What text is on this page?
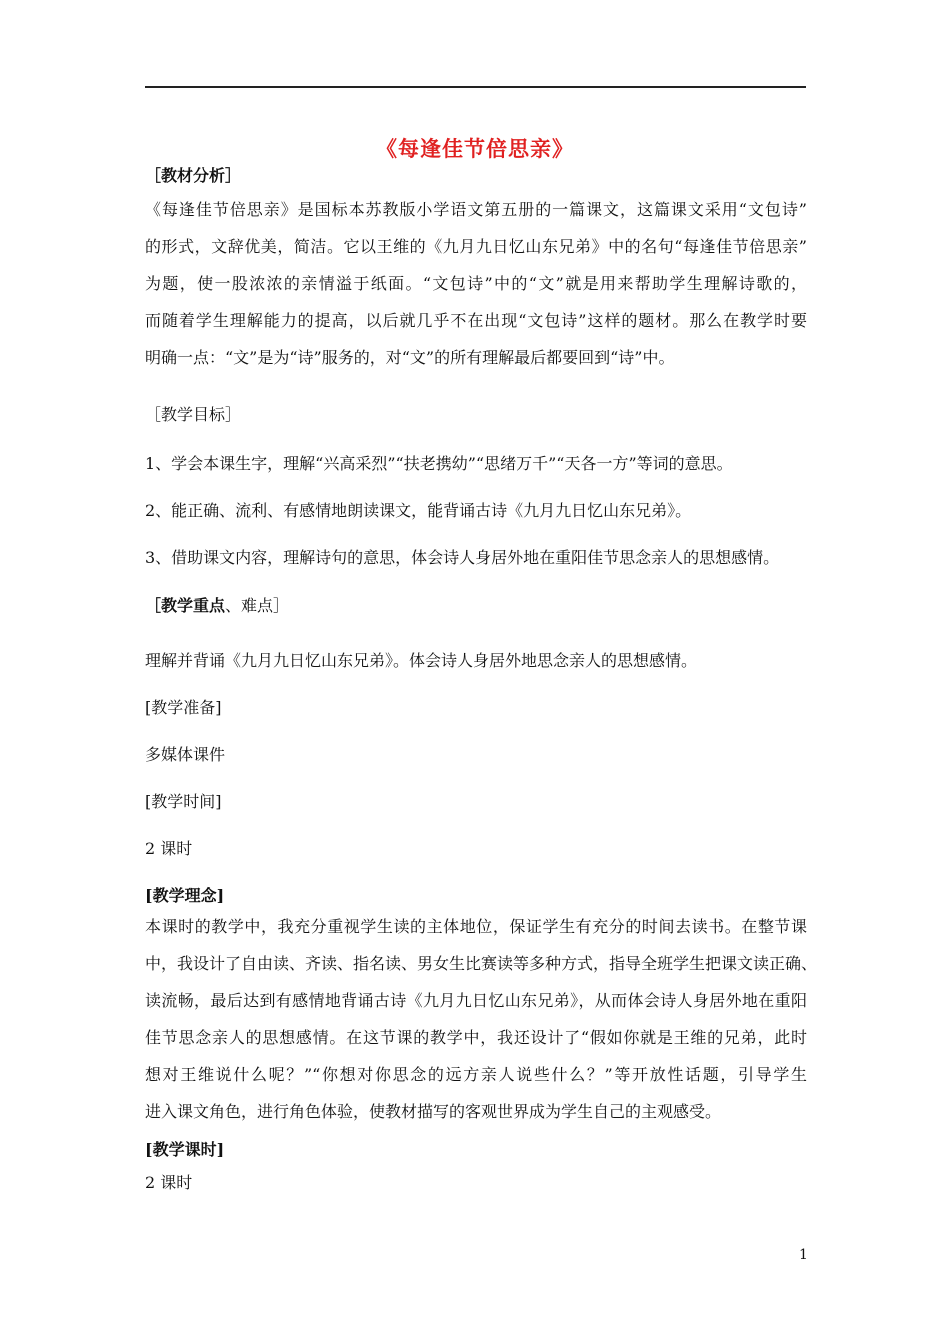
《每逢佳节倍思亲》
［教材分析］
《每逢佳节倍思亲》是国标本苏教版小学语文第五册的一篇课文，这篇课文采用“文包诗”
的形式，文辞优美，简洁。它以王维的《九月九日忆山东兄弟》中的名句“每逢佳节倍思亲”
为题，使一股浓浓的亲情溢于纸面。“文包诗”中的“文”就是用来帮助学生理解诗歌的，
而随着学生理解能力的提高，以后就几乎不在出现“文包诗”这样的题材。那么在教学时要
明确一点：“文”是为“诗”服务的，对“文”的所有理解最后都要回到“诗”中。
［教学目标］
1、学会本课生字，理解“兴高采烈”“扶老携幼”“思绪万千”“天各一方”等词的意思。
2、能正确、流利、有感情地朗读课文，能背诵古诗《九月九日忆山东兄弟》。
3、借助课文内容，理解诗句的意思，体会诗人身居外地在重阳佳节思念亲人的思想感情。
［教学重点、难点］
理解并背诵《九月九日忆山东兄弟》。体会诗人身居外地思念亲人的思想感情。
[教学准备]
多媒体课件
[教学时间]
2 课时
[教学理念]
本课时的教学中，我充分重视学生读的主体地位，保证学生有充分的时间去读书。在整节课
中，我设计了自由读、齐读、指名读、男女生比赛读等多种方式，指导全班学生把课文读正确、
读流畅，最后达到有感情地背诵古诗《九月九日忆山东兄弟》，从而体会诗人身居外地在重阳
佳节思念亲人的思想感情。在这节课的教学中，我还设计了“假如你就是王维的兄弟，此时
想对王维说什么呢？”“你想对你思念的远方亲人说些什么？”等开放性话题，引导学生
进入课文角色，进行角色体验，使教材描写的客观世界成为学生自己的主观感受。
[教学课时]
2 课时
1
